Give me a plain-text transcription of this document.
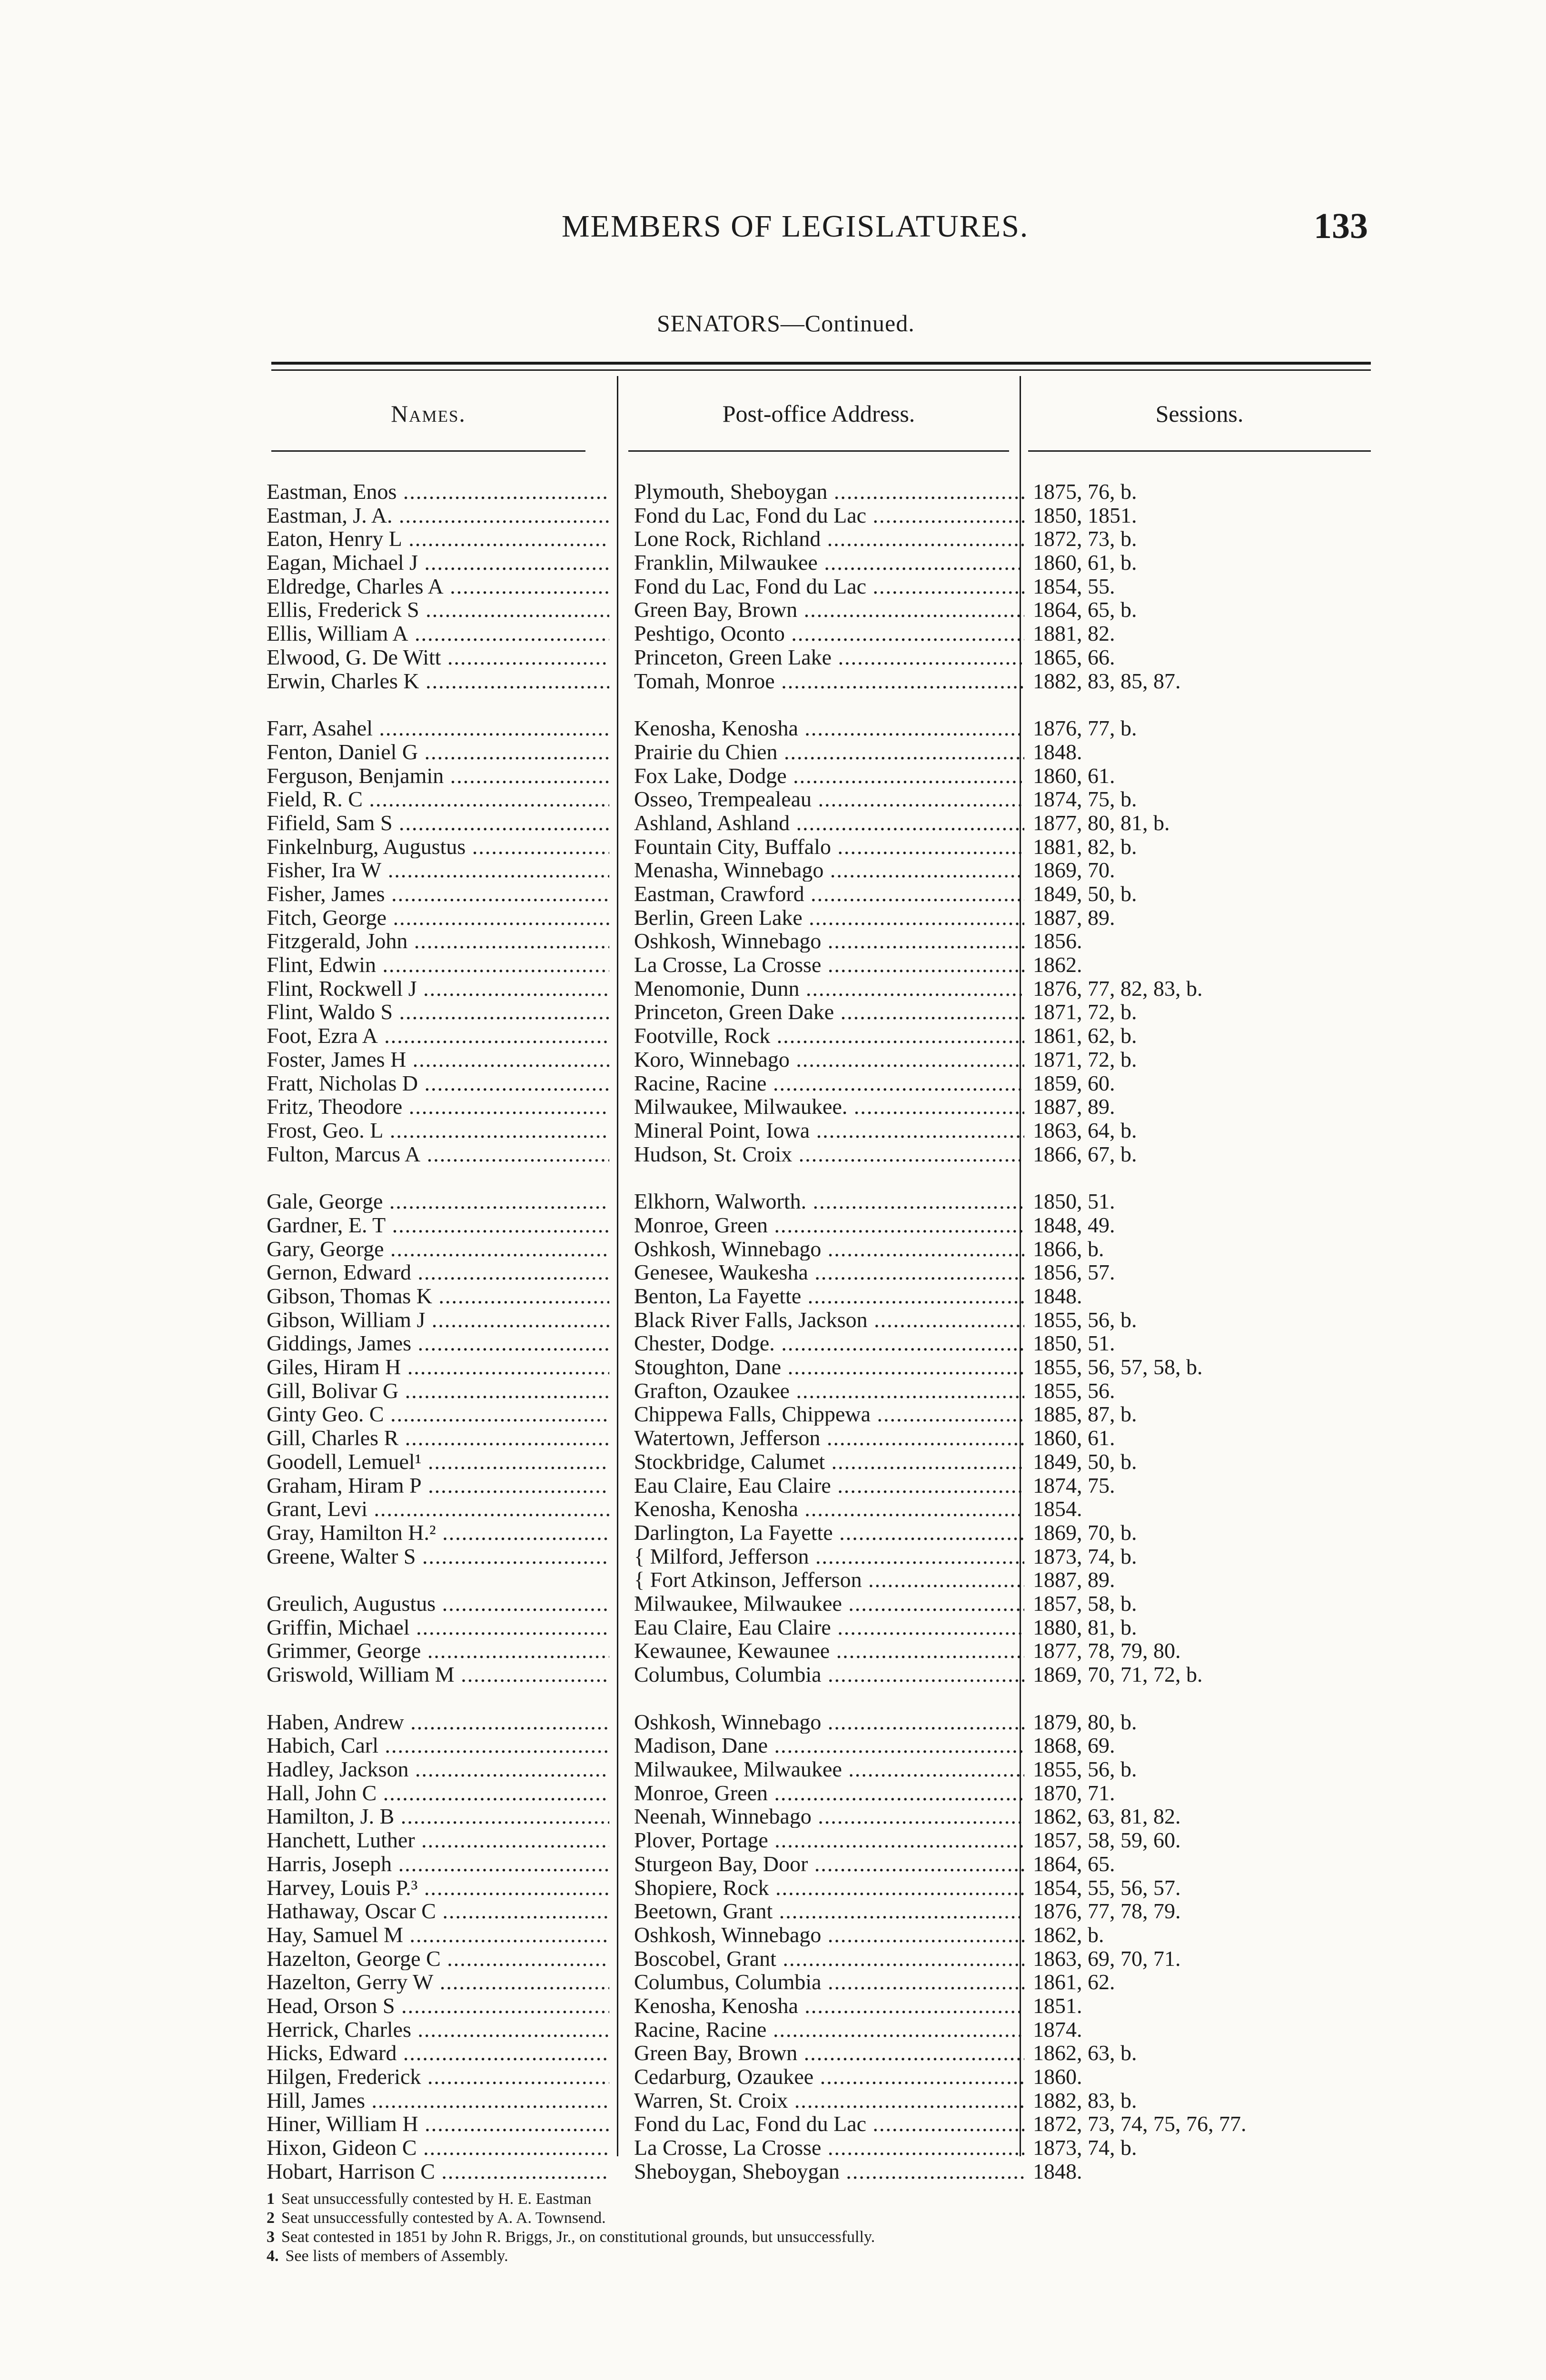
MEMBERS OF LEGISLATURES.	133
SENATORS—Continued.
Names.	Post-office Address.	Sessions.
Eastman, Enos .....	Plymouth, Sheboygan .....	1875, 76, b.
Eastman, J. A. .....	Fond du Lac, Fond du Lac .....	1850, 1851.
Eaton, Henry L .....	Lone Rock, Richland .....	1872, 73, b.
Eagan, Michael J .....	Franklin, Milwaukee .....	1860, 61, b.
Eldredge, Charles A .....	Fond du Lac, Fond du Lac .....	1854, 55.
Ellis, Frederick S .....	Green Bay, Brown .....	1864, 65, b.
Ellis, William A .....	Peshtigo, Oconto .....	1881, 82.
Elwood, G. De Witt .....	Princeton, Green Lake .....	1865, 66.
Erwin, Charles K .....	Tomah, Monroe .....	1882, 83, 85, 87.
Farr, Asahel .....	Kenosha, Kenosha .....	1876, 77, b.
Fenton, Daniel G .....	Prairie du Chien .....	1848.
Ferguson, Benjamin .....	Fox Lake, Dodge .....	1860, 61.
Field, R. C .....	Osseo, Trempealeau .....	1874, 75, b.
Fifield, Sam S .....	Ashland, Ashland .....	1877, 80, 81, b.
Finkelnburg, Augustus .....	Fountain City, Buffalo .....	1881, 82, b.
Fisher, Ira W .....	Menasha, Winnebago .....	1869, 70.
Fisher, James .....	Eastman, Crawford .....	1849, 50, b.
Fitch, George .....	Berlin, Green Lake .....	1887, 89.
Fitzgerald, John .....	Oshkosh, Winnebago .....	1856.
Flint, Edwin .....	La Crosse, La Crosse .....	1862.
Flint, Rockwell J .....	Menomonie, Dunn .....	1876, 77, 82, 83, b.
Flint, Waldo S .....	Princeton, Green Dake .....	1871, 72, b.
Foot, Ezra A .....	Footville, Rock .....	1861, 62, b.
Foster, James H .....	Koro, Winnebago .....	1871, 72, b.
Fratt, Nicholas D .....	Racine, Racine .....	1859, 60.
Fritz, Theodore .....	Milwaukee, Milwaukee. .....	1887, 89.
Frost, Geo. L .....	Mineral Point, Iowa .....	1863, 64, b.
Fulton, Marcus A .....	Hudson, St. Croix .....	1866, 67, b.
Gale, George .....	Elkhorn, Walworth. .....	1850, 51.
Gardner, E. T .....	Monroe, Green .....	1848, 49.
Gary, George .....	Oshkosh, Winnebago .....	1866, b.
Gernon, Edward .....	Genesee, Waukesha .....	1856, 57.
Gibson, Thomas K .....	Benton, La Fayette .....	1848.
Gibson, William J .....	Black River Falls, Jackson .....	1855, 56, b.
Giddings, James .....	Chester, Dodge. .....	1850, 51.
Giles, Hiram H .....	Stoughton, Dane .....	1855, 56, 57, 58, b.
Gill, Bolivar G .....	Grafton, Ozaukee .....	1855, 56.
Ginty Geo. C .....	Chippewa Falls, Chippewa .....	1885, 87, b.
Gill, Charles R .....	Watertown, Jefferson .....	1860, 61.
Goodell, Lemuel¹ .....	Stockbridge, Calumet .....	1849, 50, b.
Graham, Hiram P .....	Eau Claire, Eau Claire .....	1874, 75.
Grant, Levi .....	Kenosha, Kenosha .....	1854.
Gray, Hamilton H.² .....	Darlington, La Fayette .....	1869, 70, b.
Greene, Walter S .....	{ Milford, Jefferson .....	1873, 74, b.
{ Fort Atkinson, Jefferson .....	1887, 89.
Greulich, Augustus .....	Milwaukee, Milwaukee .....	1857, 58, b.
Griffin, Michael .....	Eau Claire, Eau Claire .....	1880, 81, b.
Grimmer, George .....	Kewaunee, Kewaunee .....	1877, 78, 79, 80.
Griswold, William M .....	Columbus, Columbia .....	1869, 70, 71, 72, b.
Haben, Andrew .....	Oshkosh, Winnebago .....	1879, 80, b.
Habich, Carl .....	Madison, Dane .....	1868, 69.
Hadley, Jackson .....	Milwaukee, Milwaukee .....	1855, 56, b.
Hall, John C .....	Monroe, Green .....	1870, 71.
Hamilton, J. B .....	Neenah, Winnebago .....	1862, 63, 81, 82.
Hanchett, Luther .....	Plover, Portage .....	1857, 58, 59, 60.
Harris, Joseph .....	Sturgeon Bay, Door .....	1864, 65.
Harvey, Louis P.³ .....	Shopiere, Rock .....	1854, 55, 56, 57.
Hathaway, Oscar C .....	Beetown, Grant .....	1876, 77, 78, 79.
Hay, Samuel M .....	Oshkosh, Winnebago .....	1862, b.
Hazelton, George C .....	Boscobel, Grant .....	1863, 69, 70, 71.
Hazelton, Gerry W .....	Columbus, Columbia .....	1861, 62.
Head, Orson S .....	Kenosha, Kenosha .....	1851.
Herrick, Charles .....	Racine, Racine .....	1874.
Hicks, Edward .....	Green Bay, Brown .....	1862, 63, b.
Hilgen, Frederick .....	Cedarburg, Ozaukee .....	1860.
Hill, James .....	Warren, St. Croix .....	1882, 83, b.
Hiner, William H .....	Fond du Lac, Fond du Lac .....	1872, 73, 74, 75, 76, 77.
Hixon, Gideon C .....	La Crosse, La Crosse .....	1873, 74, b.
Hobart, Harrison C .....	Sheboygan, Sheboygan .....	1848.
1 Seat unsuccessfully contested by H. E. Eastman
2 Seat unsuccessfully contested by A. A. Townsend.
3 Seat contested in 1851 by John R. Briggs, Jr., on constitutional grounds, but unsuccessfully.
4. See lists of members of Assembly.
